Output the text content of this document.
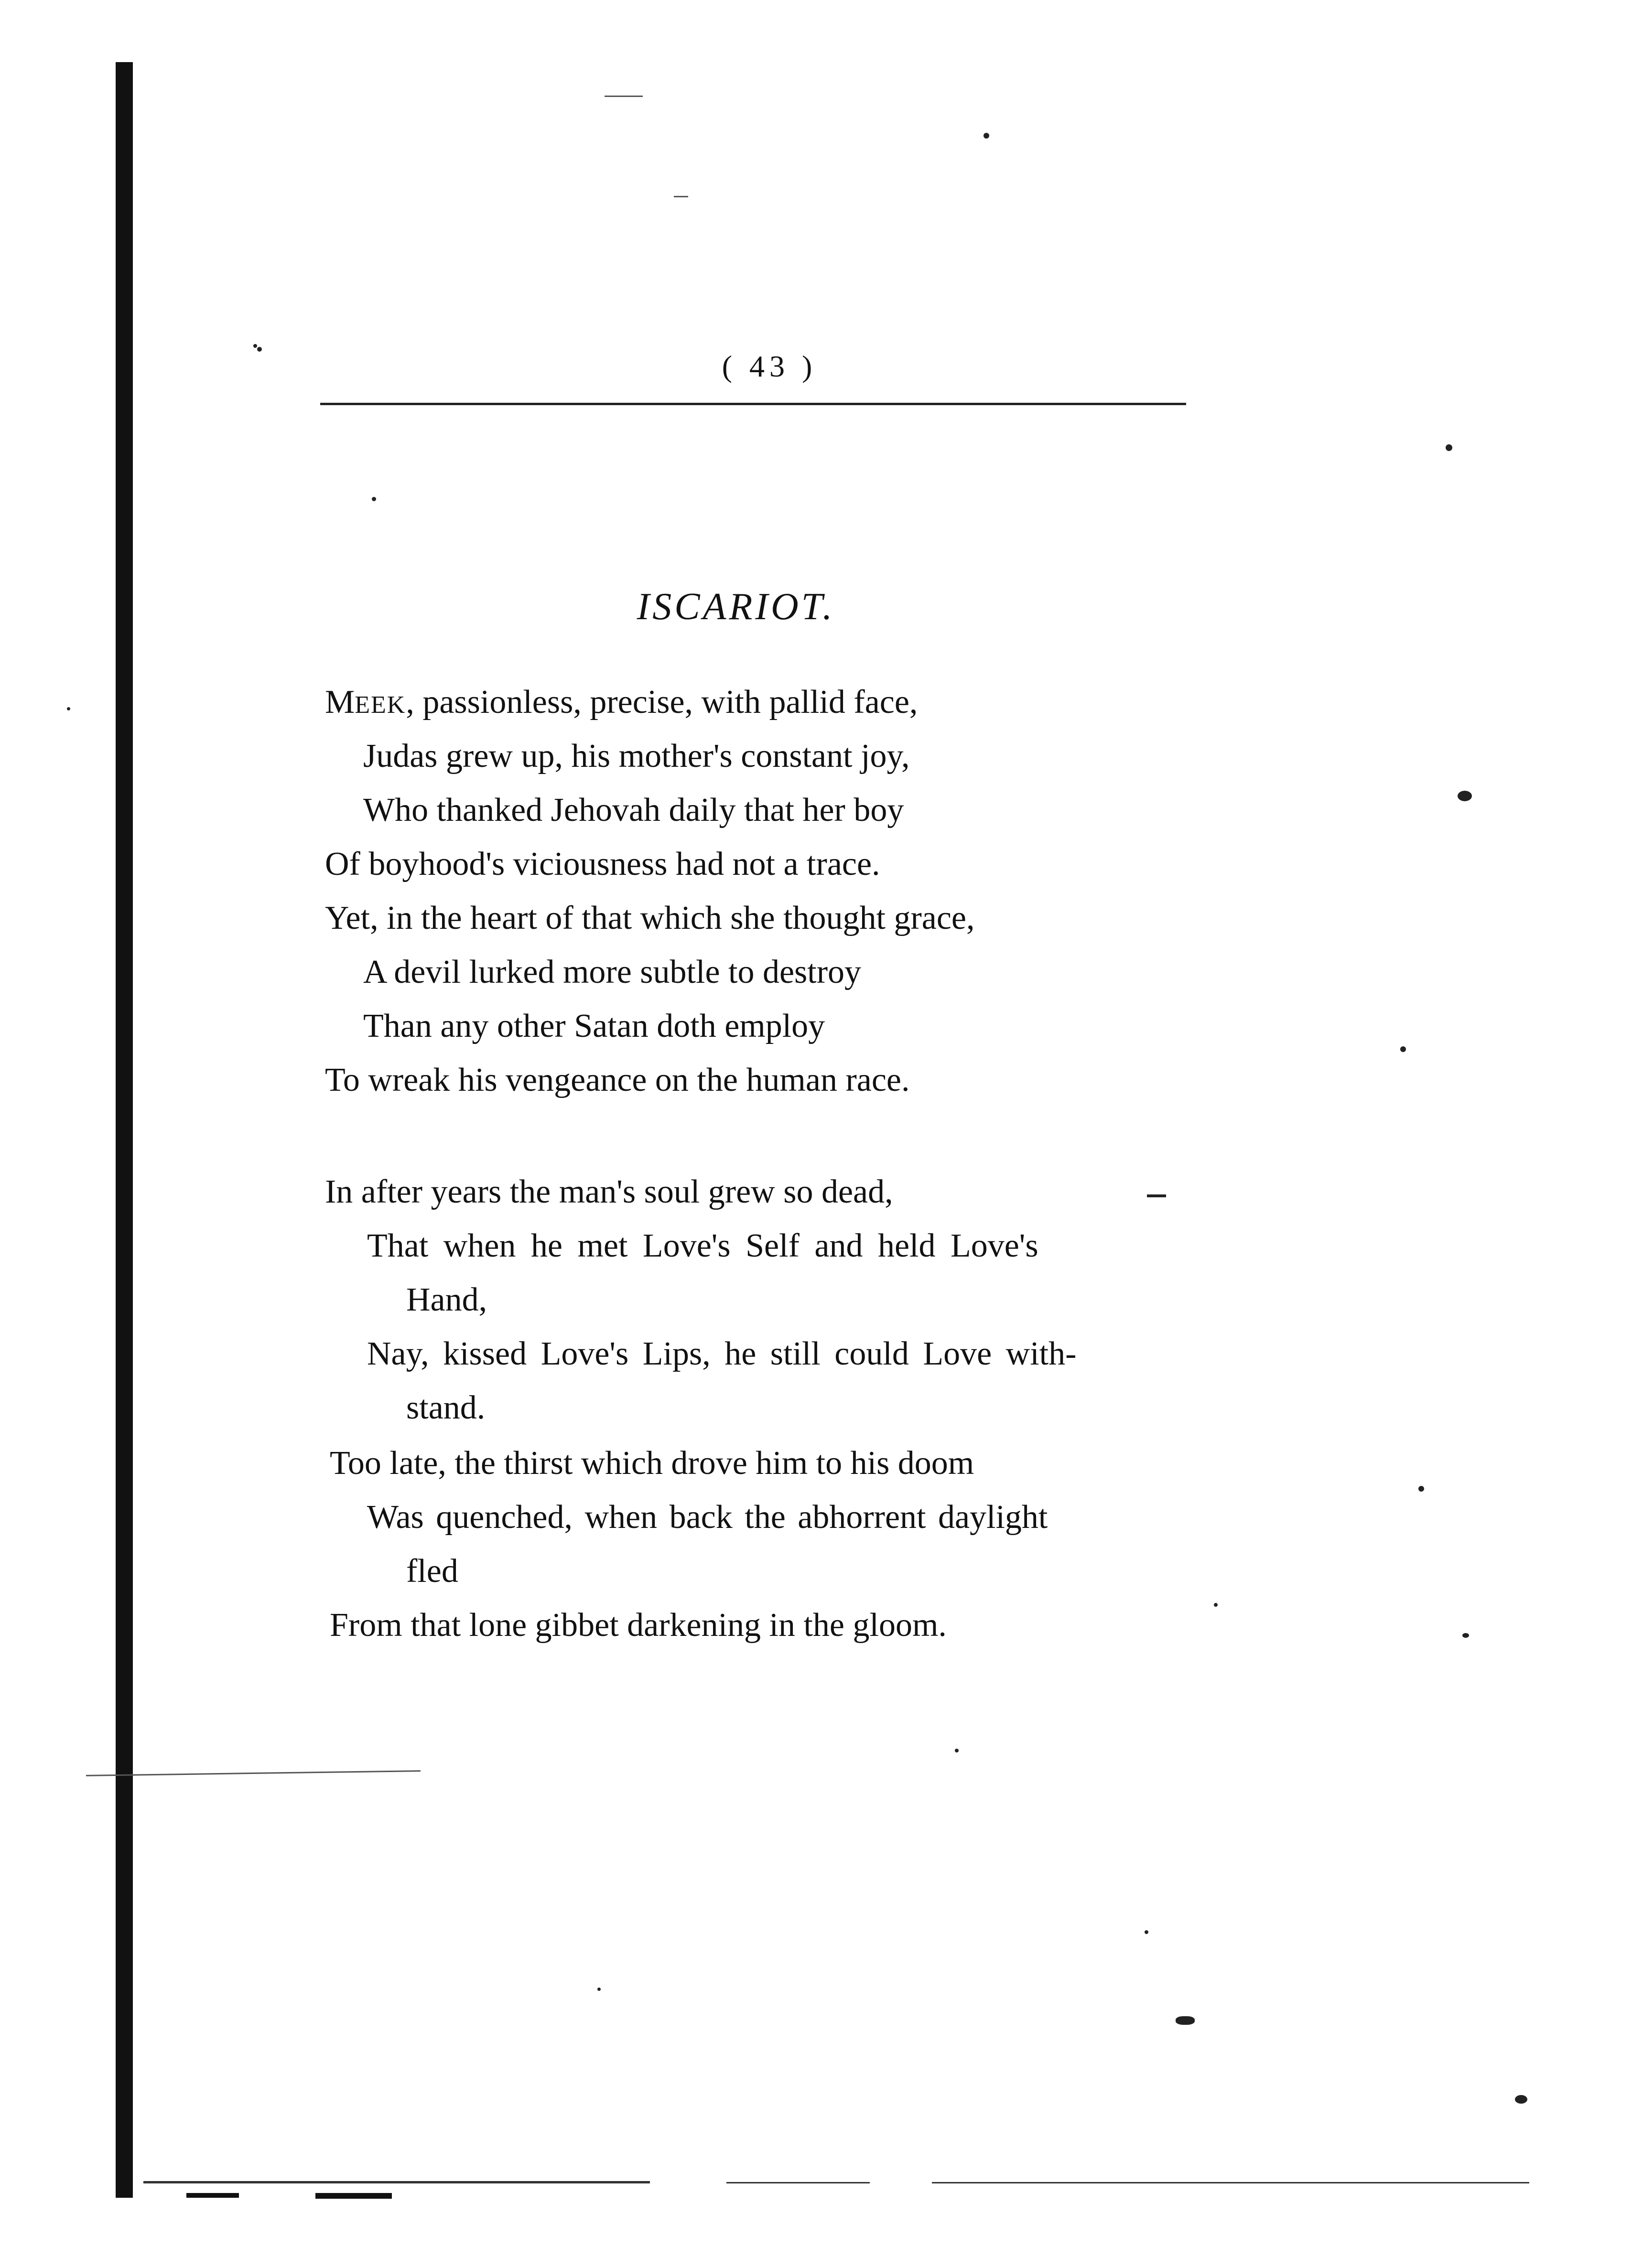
( 43 )
ISCARIOT.
MEEK, passionless, precise, with pallid face,
Judas grew up, his mother's constant joy,
Who thanked Jehovah daily that her boy
Of boyhood's viciousness had not a trace.
Yet, in the heart of that which she thought grace,
A devil lurked more subtle to destroy
Than any other Satan doth employ
To wreak his vengeance on the human race.
In after years the man's soul grew so dead,
That when he met Love's Self and held Love's
Hand,
Nay, kissed Love's Lips, he still could Love with-
stand.
Too late, the thirst which drove him to his doom
Was quenched, when back the abhorrent daylight
fled
From that lone gibbet darkening in the gloom.
